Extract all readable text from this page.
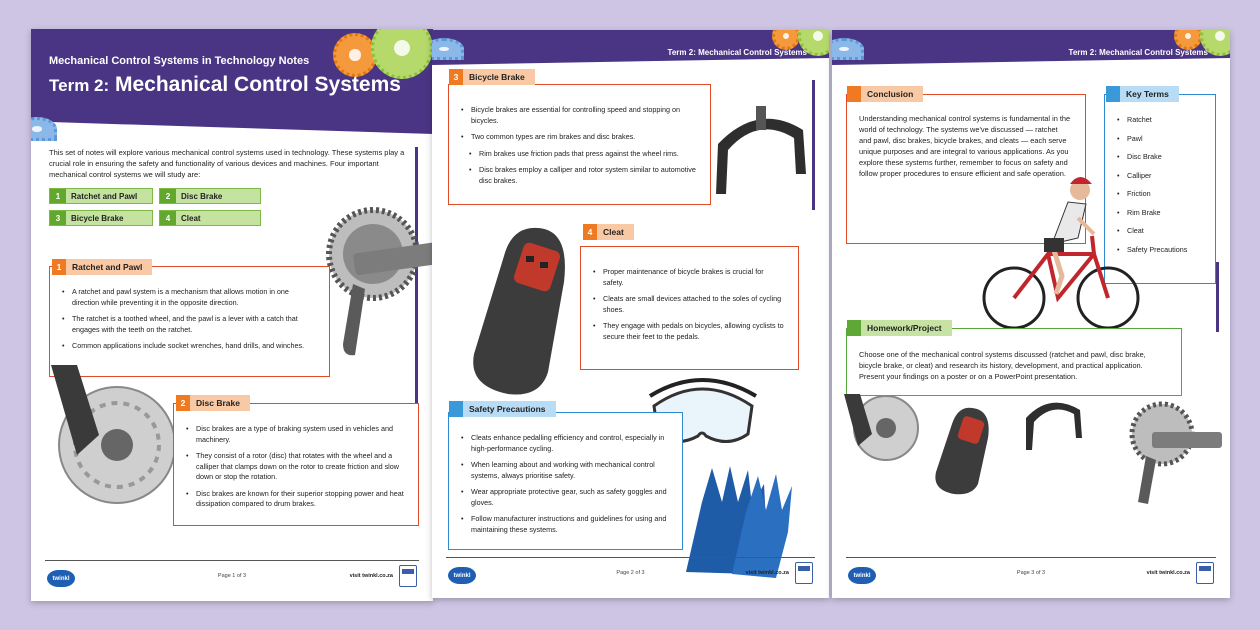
Mechanical Control Systems in Technology Notes
Term 2: Mechanical Control Systems
This set of notes will explore various mechanical control systems used in technology. These systems play a crucial role in ensuring the safety and functionality of various devices and machines. Four important mechanical control systems we will study are:
1	Ratchet and Pawl	2	Disc Brake
3	Bicycle Brake	4	Cleat
• A ratchet and pawl system is a mechanism that allows motion in one direction while preventing it in the opposite direction.
• The ratchet is a toothed wheel, and the pawl is a lever with a catch that engages with the teeth on the ratchet.
• Common applications include socket wrenches, hand drills, and winches.
1	Ratchet and Pawl
• Disc brakes are a type of braking system used in vehicles and machinery.
• They consist of a rotor (disc) that rotates with the wheel and a calliper that clamps down on the rotor to create friction and slow down or stop the rotation.
• Disc brakes are known for their superior stopping power and heat dissipation compared to drum brakes.
2	Disc Brake
twinkl	Page 1 of 3	visit twinkl.co.za
Term 2: Mechanical Control Systems
• Bicycle brakes are essential for controlling speed and stopping on bicycles.
• Two common types are rim brakes and disc brakes.
• Rim brakes use friction pads that press against the wheel rims.
• Disc brakes employ a calliper and rotor system similar to automotive disc brakes.
3	Bicycle Brake
• Proper maintenance of bicycle brakes is crucial for safety.
• Cleats are small devices attached to the soles of cycling shoes.
• They engage with pedals on bicycles, allowing cyclists to secure their feet to the pedals.
4	Cleat
• Cleats enhance pedalling efficiency and control, especially in high-performance cycling.
• When learning about and working with mechanical control systems, always prioritise safety.
• Wear appropriate protective gear, such as safety goggles and gloves.
• Follow manufacturer instructions and guidelines for using and maintaining these systems.
Safety Precautions
twinkl	Page 2 of 3	visit twinkl.co.za
Term 2: Mechanical Control Systems

Understanding mechanical control systems is fundamental in the world of technology. The systems we've discussed — ratchet and pawl, disc brakes, bicycle brakes, and cleats — each serve unique purposes and are integral to various applications. As you explore these systems further, remember to focus on safety and follow proper procedures to ensure efficient and safe operation.

Conclusion
• Ratchet
• Pawl
• Disc Brake
• Calliper
• Friction
• Rim Brake
• Cleat
• Safety Precautions
Key Terms

Choose one of the mechanical control systems discussed (ratchet and pawl, disc brake, bicycle brake, or cleat) and research its history, development, and practical application. Present your findings on a poster or on a PowerPoint presentation.

Homework/Project
twinkl	Page 3 of 3	visit twinkl.co.za
